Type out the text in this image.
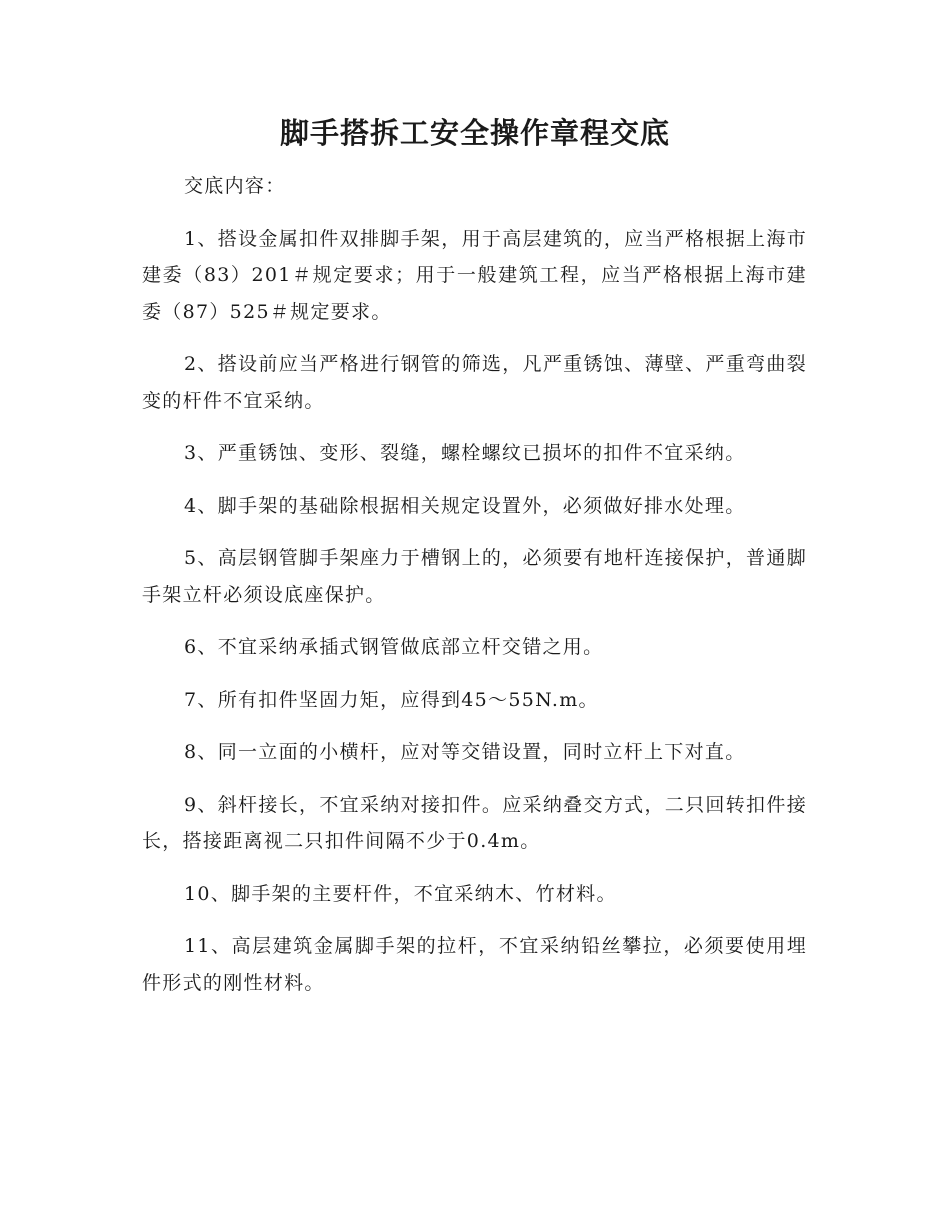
脚手搭拆工安全操作章程交底

交底内容：

1、搭设金属扣件双排脚手架，用于高层建筑的，应当严格根据上海市建委（83）201＃规定要求；用于一般建筑工程，应当严格根据上海市建委（87）525＃规定要求。

2、搭设前应当严格进行钢管的筛选，凡严重锈蚀、薄壁、严重弯曲裂变的杆件不宜采纳。

3、严重锈蚀、变形、裂缝，螺栓螺纹已损坏的扣件不宜采纳。

4、脚手架的基础除根据相关规定设置外，必须做好排水处理。

5、高层钢管脚手架座力于槽钢上的，必须要有地杆连接保护，普通脚手架立杆必须设底座保护。

6、不宜采纳承插式钢管做底部立杆交错之用。

7、所有扣件坚固力矩，应得到45～55N.m。

8、同一立面的小横杆，应对等交错设置，同时立杆上下对直。

9、斜杆接长，不宜采纳对接扣件。应采纳叠交方式，二只回转扣件接长，搭接距离视二只扣件间隔不少于0.4m。

10、脚手架的主要杆件，不宜采纳木、竹材料。

11、高层建筑金属脚手架的拉杆，不宜采纳铅丝攀拉，必须要使用埋件形式的刚性材料。
